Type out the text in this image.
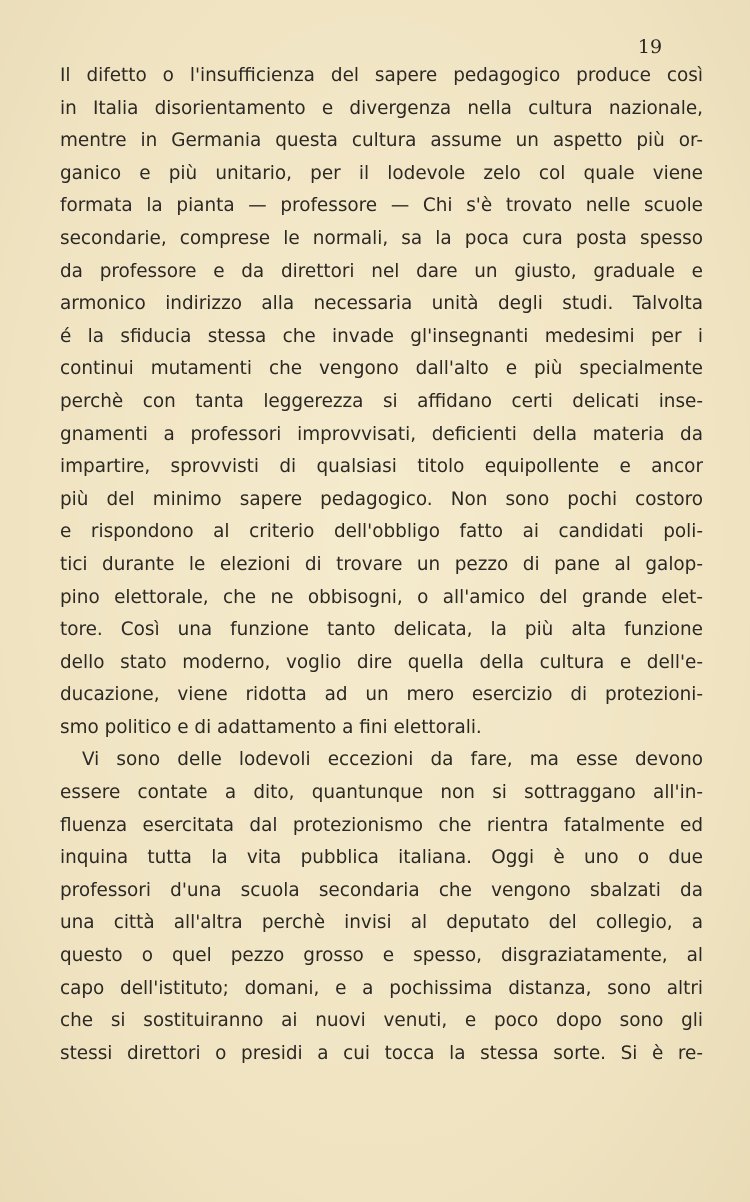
19
Il difetto o l'insufficienza del sapere pedagogico produce così
in Italia disorientamento e divergenza nella cultura nazionale,
mentre in Germania questa cultura assume un aspetto più or-
ganico e più unitario, per il lodevole zelo col quale viene
formata la pianta — professore — Chi s'è trovato nelle scuole
secondarie, comprese le normali, sa la poca cura posta spesso
da professore e da direttori nel dare un giusto, graduale e
armonico indirizzo alla necessaria unità degli studi. Talvolta
é la sfiducia stessa che invade gl'insegnanti medesimi per i
continui mutamenti che vengono dall'alto e più specialmente
perchè con tanta leggerezza si affidano certi delicati inse-
gnamenti a professori improvvisati, deficienti della materia da
impartire, sprovvisti di qualsiasi titolo equipollente e ancor
più del minimo sapere pedagogico. Non sono pochi costoro
e rispondono al criterio dell'obbligo fatto ai candidati poli-
tici durante le elezioni di trovare un pezzo di pane al galop-
pino elettorale, che ne obbisogni, o all'amico del grande elet-
tore. Così una funzione tanto delicata, la più alta funzione
dello stato moderno, voglio dire quella della cultura e dell'e-
ducazione, viene ridotta ad un mero esercizio di protezioni-
smo politico e di adattamento a fini elettorali.
Vi sono delle lodevoli eccezioni da fare, ma esse devono
essere contate a dito, quantunque non si sottraggano all'in-
fluenza esercitata dal protezionismo che rientra fatalmente ed
inquina tutta la vita pubblica italiana. Oggi è uno o due
professori d'una scuola secondaria che vengono sbalzati da
una città all'altra perchè invisi al deputato del collegio, a
questo o quel pezzo grosso e spesso, disgraziatamente, al
capo dell'istituto; domani, e a pochissima distanza, sono altri
che si sostituiranno ai nuovi venuti, e poco dopo sono gli
stessi direttori o presidi a cui tocca la stessa sorte. Si è re-
